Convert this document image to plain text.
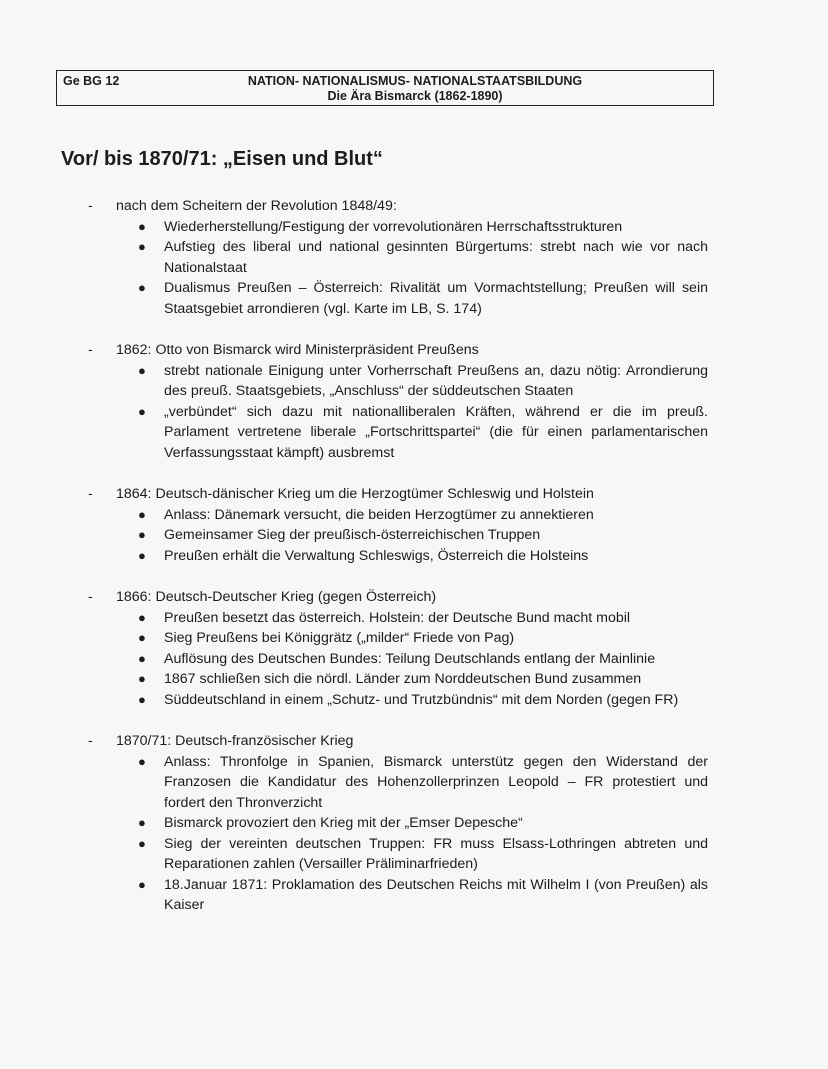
Ge BG 12	NATION- NATIONALISMUS- NATIONALSTAATSBILDUNG
Die Ära Bismarck (1862-1890)
Vor/ bis 1870/71: „Eisen und Blut“
-	nach dem Scheitern der Revolution 1848/49:
● Wiederherstellung/Festigung der vorrevolutionären Herrschaftsstrukturen
● Aufstieg des liberal und national gesinnten Bürgertums: strebt nach wie vor nach Nationalstaat
● Dualismus Preußen – Österreich: Rivalität um Vormachtstellung; Preußen will sein Staatsgebiet arrondieren (vgl. Karte im LB, S. 174)
-	1862: Otto von Bismarck wird Ministerpräsident Preußens
● strebt nationale Einigung unter Vorherrschaft Preußens an, dazu nötig: Arrondierung des preuß. Staatsgebiets, „Anschluss“ der süddeutschen Staaten
● „verbündet“ sich dazu mit nationalliberalen Kräften, während er die im preuß. Parlament vertretene liberale „Fortschrittspartei“ (die für einen parlamentarischen Verfassungsstaat kämpft) ausbremst
-	1864: Deutsch-dänischer Krieg um die Herzogtümer Schleswig und Holstein
● Anlass: Dänemark versucht, die beiden Herzogtümer zu annektieren
● Gemeinsamer Sieg der preußisch-österreichischen Truppen
● Preußen erhält die Verwaltung Schleswigs, Österreich die Holsteins
-	1866: Deutsch-Deutscher Krieg (gegen Österreich)
● Preußen besetzt das österreich. Holstein: der Deutsche Bund macht mobil
● Sieg Preußens bei Königgrätz („milder“ Friede von Pag)
● Auflösung des Deutschen Bundes: Teilung Deutschlands entlang der Mainlinie
● 1867 schließen sich die nördl. Länder zum Norddeutschen Bund zusammen
● Süddeutschland in einem „Schutz- und Trutzbündnis“ mit dem Norden (gegen FR)
-	1870/71: Deutsch-französischer Krieg
● Anlass: Thronfolge in Spanien, Bismarck unterstütz gegen den Widerstand der Franzosen die Kandidatur des Hohenzollerprinzen Leopold – FR protestiert und fordert den Thronverzicht
● Bismarck provoziert den Krieg mit der „Emser Depesche“
● Sieg der vereinten deutschen Truppen: FR muss Elsass-Lothringen abtreten und Reparationen zahlen (Versailler Präliminarfrieden)
● 18.Januar 1871: Proklamation des Deutschen Reichs mit Wilhelm I (von Preußen) als Kaiser
